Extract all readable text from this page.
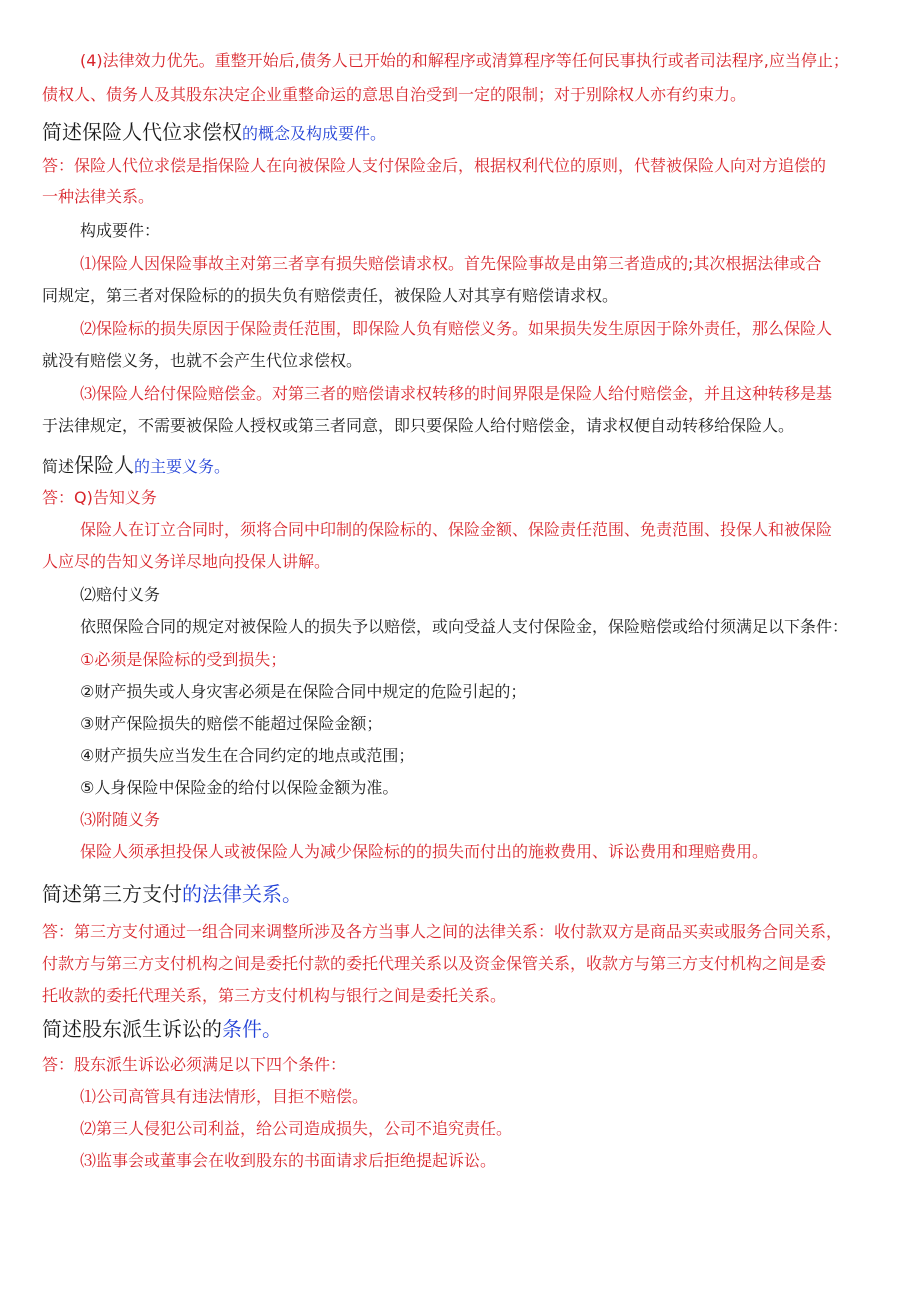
(4)法律效力优先。重整开始后,债务人已开始的和解程序或清算程序等任何民事执行或者司法程序,应当停止；
债权人、债务人及其股东决定企业重整命运的意思自治受到一定的限制；对于别除权人亦有约束力。
简述保险人代位求偿权的概念及构成要件。
答：保险人代位求偿是指保险人在向被保险人支付保险金后，根据权利代位的原则，代替被保险人向对方追偿的
一种法律关系。
构成要件：
⑴保险人因保险事故主对第三者享有损失赔偿请求权。首先保险事故是由第三者造成的;其次根据法律或合
同规定，第三者对保险标的的损失负有赔偿责任，被保险人对其享有赔偿请求权。
⑵保险标的损失原因于保险责任范围，即保险人负有赔偿义务。如果损失发生原因于除外责任，那么保险人
就没有赔偿义务，也就不会产生代位求偿权。
⑶保险人给付保险赔偿金。对第三者的赔偿请求权转移的时间界限是保险人给付赔偿金，并且这种转移是基
于法律规定，不需要被保险人授权或第三者同意，即只要保险人给付赔偿金，请求权便自动转移给保险人。
简述保险人的主要义务。
答：Q)告知义务
保险人在订立合同时，须将合同中印制的保险标的、保险金额、保险责任范围、免责范围、投保人和被保险
人应尽的告知义务详尽地向投保人讲解。
⑵赔付义务
依照保险合同的规定对被保险人的损失予以赔偿，或向受益人支付保险金，保险赔偿或给付须满足以下条件：
①必须是保险标的受到损失；
②财产损失或人身灾害必须是在保险合同中规定的危险引起的；
③财产保险损失的赔偿不能超过保险金额；
④财产损失应当发生在合同约定的地点或范围；
⑤人身保险中保险金的给付以保险金额为准。
⑶附随义务
保险人须承担投保人或被保险人为减少保险标的的损失而付出的施救费用、诉讼费用和理赔费用。
简述第三方支付的法律关系。
答：第三方支付通过一组合同来调整所涉及各方当事人之间的法律关系：收付款双方是商品买卖或服务合同关系，
付款方与第三方支付机构之间是委托付款的委托代理关系以及资金保管关系，收款方与第三方支付机构之间是委
托收款的委托代理关系，第三方支付机构与银行之间是委托关系。
简述股东派生诉讼的条件。
答：股东派生诉讼必须满足以下四个条件：
⑴公司高管具有违法情形，目拒不赔偿。
⑵第三人侵犯公司利益，给公司造成损失，公司不追究责任。
⑶监事会或董事会在收到股东的书面请求后拒绝提起诉讼。
